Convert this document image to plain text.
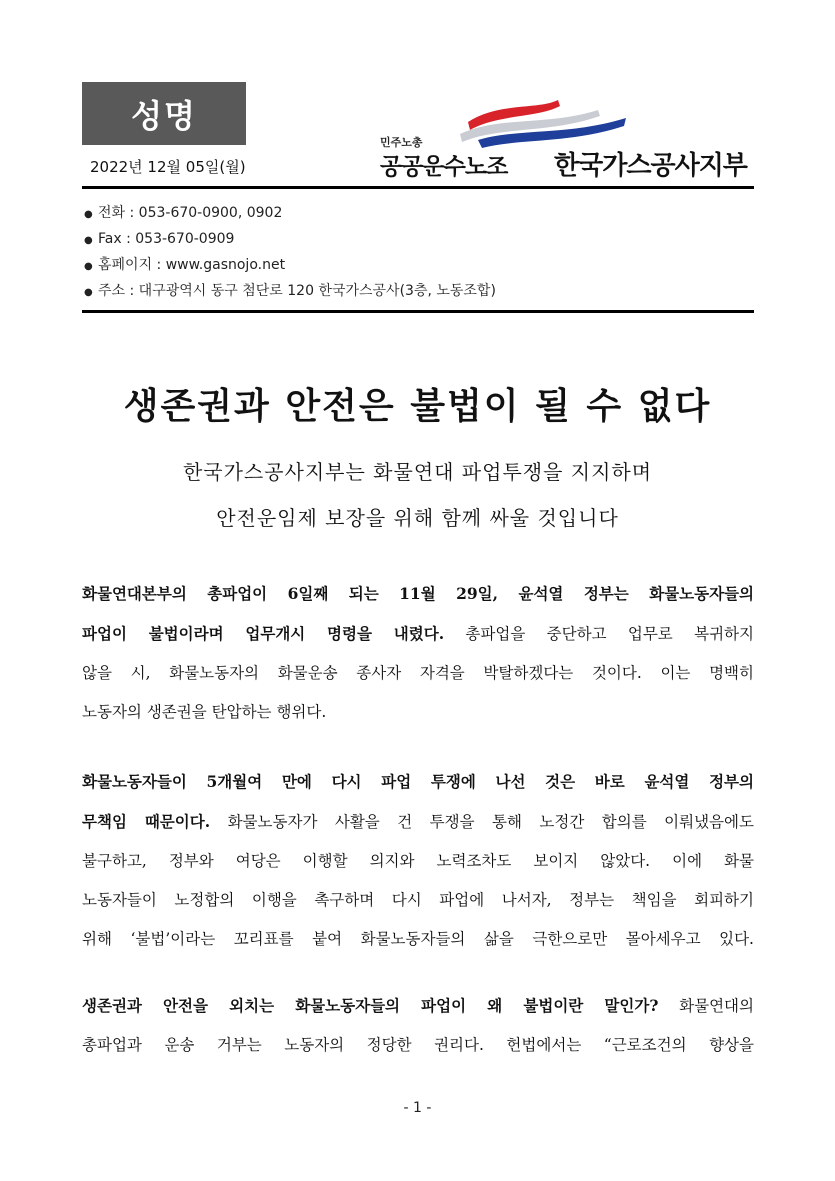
성명
2022년 12월 05일(월)
민주노총
공공운수노조 한국가스공사지부
● 전화 : 053-670-0900, 0902
● Fax : 053-670-0909
● 홈페이지 : www.gasnojo.net
● 주소 : 대구광역시 동구 첨단로 120 한국가스공사(3층, 노동조합)
생존권과 안전은 불법이 될 수 없다
한국가스공사지부는 화물연대 파업투쟁을 지지하며
안전운임제 보장을 위해 함께 싸울 것입니다
화물연대본부의 총파업이 6일째 되는 11월 29일, 윤석열 정부는 화물노동자들의
파업이 불법이라며 업무개시 명령을 내렸다. 총파업을 중단하고 업무로 복귀하지
않을 시, 화물노동자의 화물운송 종사자 자격을 박탈하겠다는 것이다. 이는 명백히
노동자의 생존권을 탄압하는 행위다.
화물노동자들이 5개월여 만에 다시 파업 투쟁에 나선 것은 바로 윤석열 정부의
무책임 때문이다. 화물노동자가 사활을 건 투쟁을 통해 노정간 합의를 이뤄냈음에도
불구하고, 정부와 여당은 이행할 의지와 노력조차도 보이지 않았다. 이에 화물
노동자들이 노정합의 이행을 촉구하며 다시 파업에 나서자, 정부는 책임을 회피하기
위해 ‘불법’이라는 꼬리표를 붙여 화물노동자들의 삶을 극한으로만 몰아세우고 있다.
생존권과 안전을 외치는 화물노동자들의 파업이 왜 불법이란 말인가? 화물연대의
총파업과 운송 거부는 노동자의 정당한 권리다. 헌법에서는 “근로조건의 향상을
- 1 -
